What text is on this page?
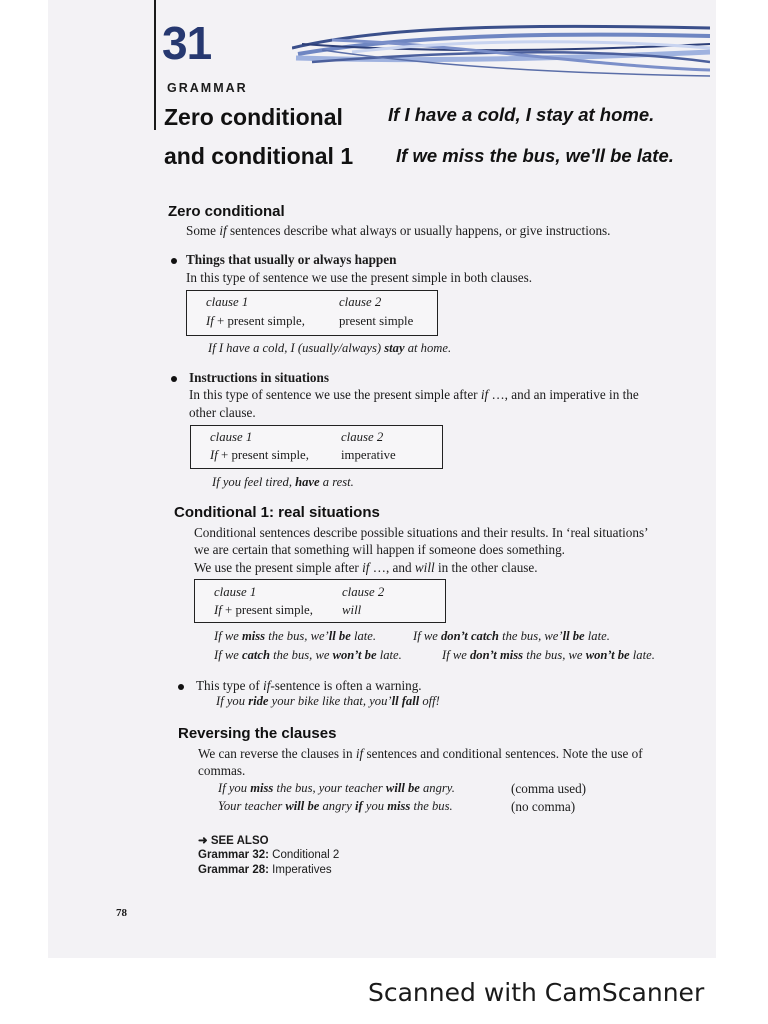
31
GRAMMAR
Zero conditional
and conditional 1
If I have a cold, I stay at home.
If we miss the bus, we'll be late.
Zero conditional
Some if sentences describe what always or usually happens, or give instructions.
Things that usually or always happen
In this type of sentence we use the present simple in both clauses.
clause 1	clause 2
If + present simple,	present simple
If I have a cold, I (usually/always) stay at home.
Instructions in situations
In this type of sentence we use the present simple after if …, and an imperative in the
other clause.
clause 1	clause 2
If + present simple,	imperative
If you feel tired, have a rest.
Conditional 1: real situations
Conditional sentences describe possible situations and their results. In ‘real situations’
we are certain that something will happen if someone does something.
We use the present simple after if …, and will in the other clause.
clause 1	clause 2
If + present simple, will
If we miss the bus, we’ll be late.	If we don’t catch the bus, we’ll be late.
If we catch the bus, we won’t be late.	If we don’t miss the bus, we won’t be late.
This type of if-sentence is often a warning.
If you ride your bike like that, you’ll fall off!
Reversing the clauses
We can reverse the clauses in if sentences and conditional sentences. Note the use of
commas.
If you miss the bus, your teacher will be angry.	(comma used)
Your teacher will be angry if you miss the bus.	(no comma)
➜ SEE ALSO
Grammar 32: Conditional 2
Grammar 28: Imperatives
78
Scanned with CamScanner
